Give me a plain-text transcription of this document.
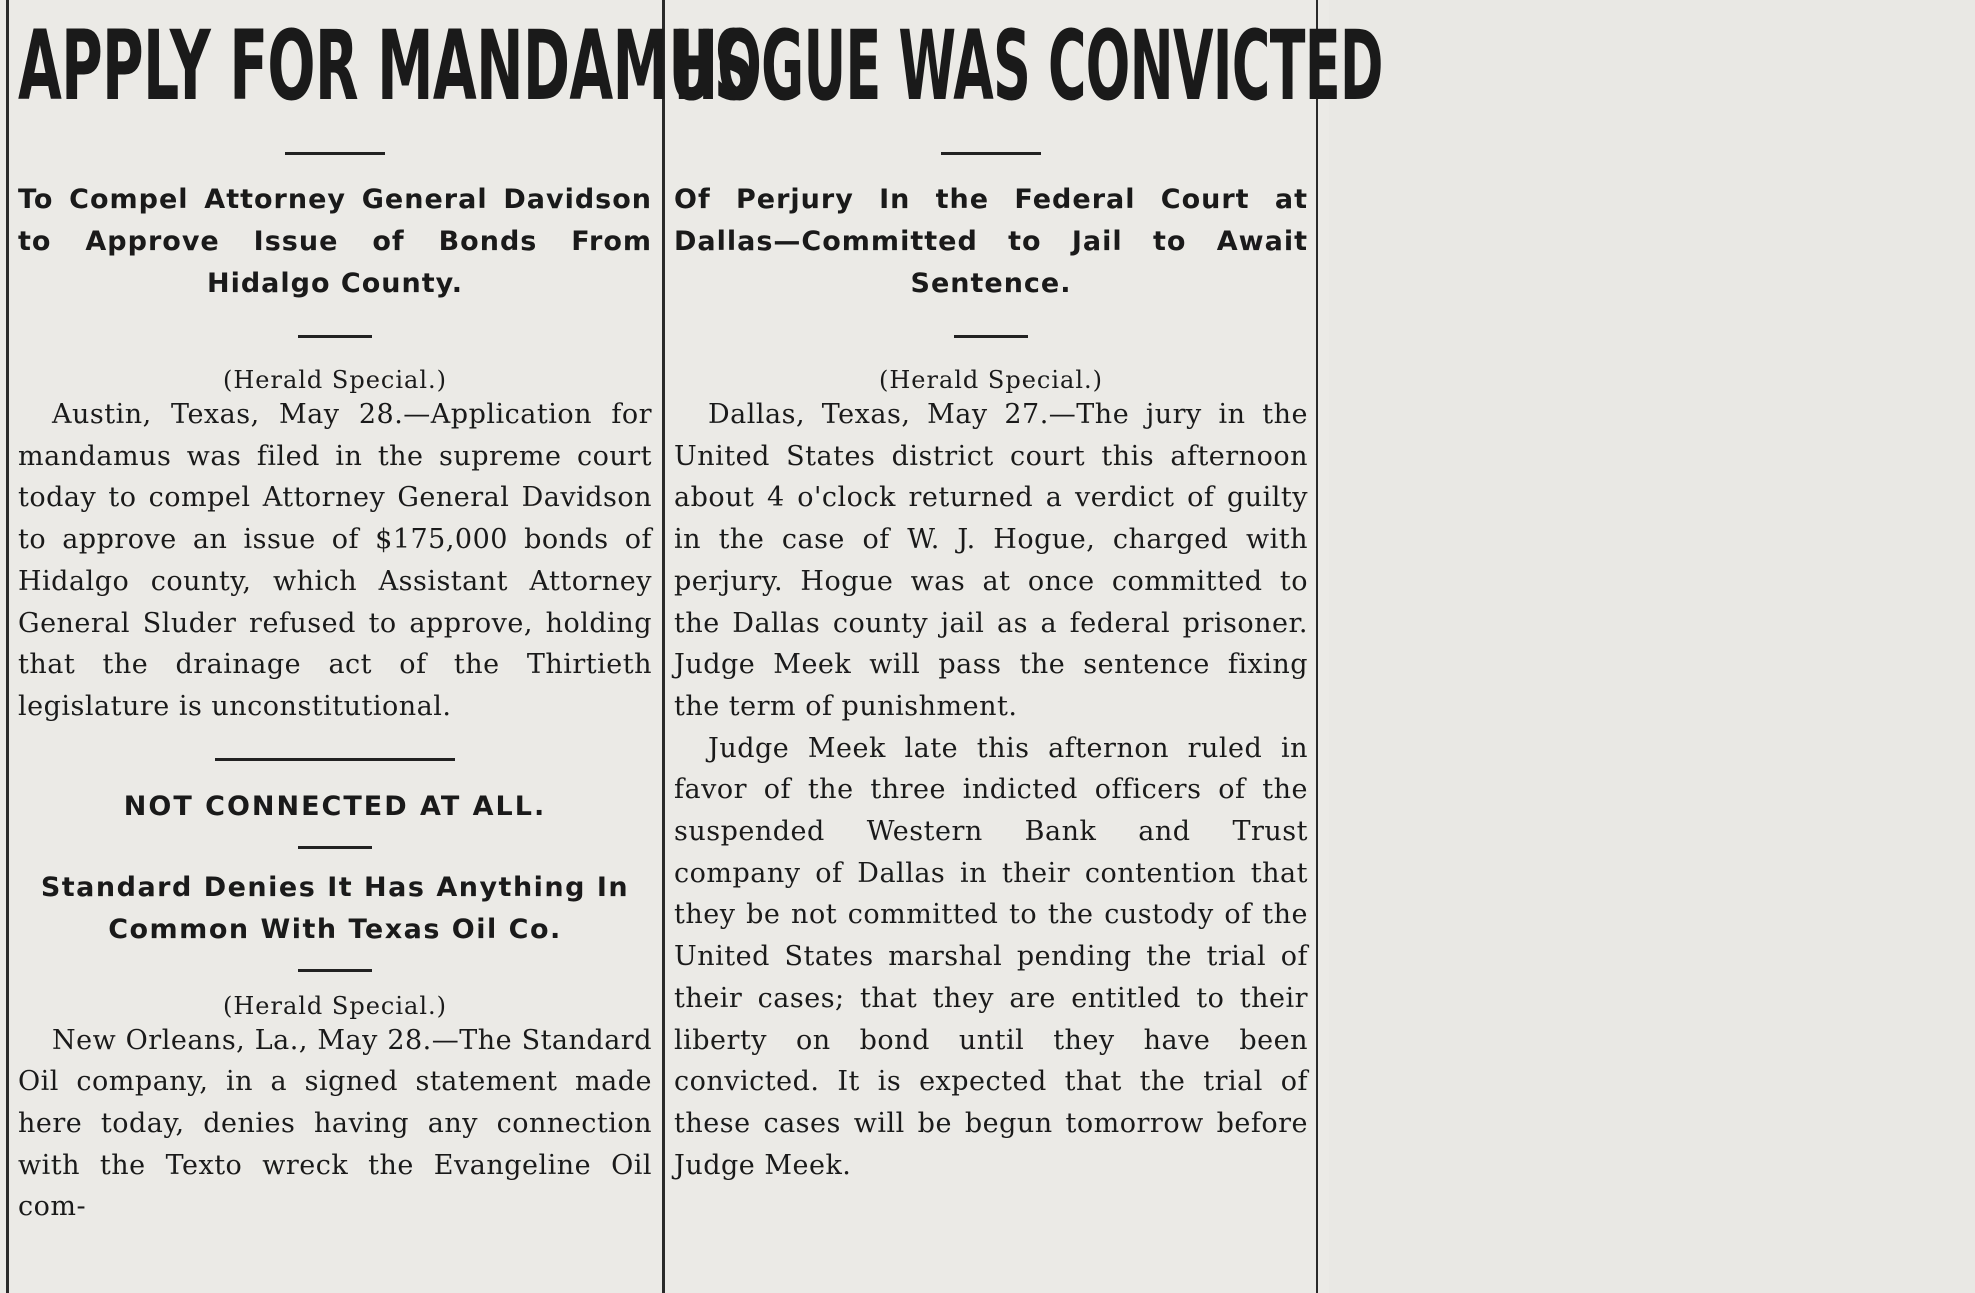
APPLY FOR MANDAMUS

To Compel Attorney General Davidson to Approve Issue of Bonds From Hidalgo County.

(Herald Special.)

Austin, Texas, May 28.—Application for mandamus was filed in the supreme court today to compel Attorney General Davidson to approve an issue of $175,000 bonds of Hidalgo county, which Assistant Attorney General Sluder refused to approve, holding that the drainage act of the Thirtieth legislature is unconstitutional.

NOT CONNECTED AT ALL.

Standard Denies It Has Anything In Common With Texas Oil Co.

(Herald Special.)

New Orleans, La., May 28.—The Standard Oil company, in a signed statement made here today, denies having any connection with the Texto wreck the Evangeline Oil com-

HOGUE WAS CONVICTED

Of Perjury In the Federal Court at Dallas—Committed to Jail to Await Sentence.

(Herald Special.)

Dallas, Texas, May 27.—The jury in the United States district court this afternoon about 4 o'clock returned a verdict of guilty in the case of W. J. Hogue, charged with perjury. Hogue was at once committed to the Dallas county jail as a federal prisoner. Judge Meek will pass the sentence fixing the term of punishment.

Judge Meek late this afternon ruled in favor of the three indicted officers of the suspended Western Bank and Trust company of Dallas in their contention that they be not committed to the custody of the United States marshal pending the trial of their cases; that they are entitled to their liberty on bond until they have been convicted. It is expected that the trial of these cases will be begun tomorrow before Judge Meek.
